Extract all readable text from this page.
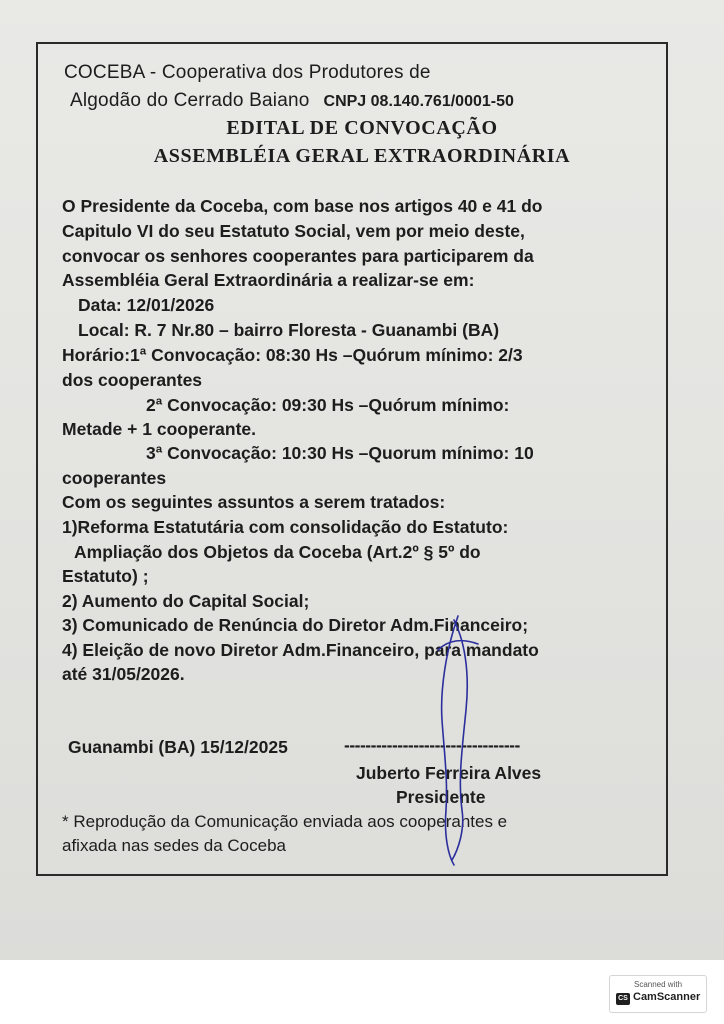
COCEBA - Cooperativa dos Produtores de
Algodão do Cerrado Baiano CNPJ 08.140.761/0001-50
EDITAL DE CONVOCAÇÃO
ASSEMBLÉIA GERAL EXTRAORDINÁRIA
O Presidente da Coceba, com base nos artigos 40 e 41 do
Capitulo VI do seu Estatuto Social, vem por meio deste,
convocar os senhores cooperantes para participarem da
Assembléia Geral Extraordinária a realizar-se em:
Data: 12/01/2026
Local: R. 7 Nr.80 – bairro Floresta - Guanambi (BA)
Horário:1ª Convocação: 08:30 Hs –Quórum mínimo: 2/3
dos cooperantes
2ª Convocação: 09:30 Hs –Quórum mínimo:
Metade + 1 cooperante.
3ª Convocação: 10:30 Hs –Quorum mínimo: 10
cooperantes
Com os seguintes assuntos a serem tratados:
1)Reforma Estatutária com consolidação do Estatuto:
Ampliação dos Objetos da Coceba (Art.2º § 5º do
Estatuto) ;
2) Aumento do Capital Social;
3) Comunicado de Renúncia do Diretor Adm.Financeiro;
4) Eleição de novo Diretor Adm.Financeiro, para mandato
até 31/05/2026.
Guanambi (BA) 15/12/2025	---------------------------------
Juberto Ferreira Alves
Presidente
* Reprodução da Comunicação enviada aos cooperantes e
afixada nas sedes da Coceba
Scanned with
CS CamScanner
